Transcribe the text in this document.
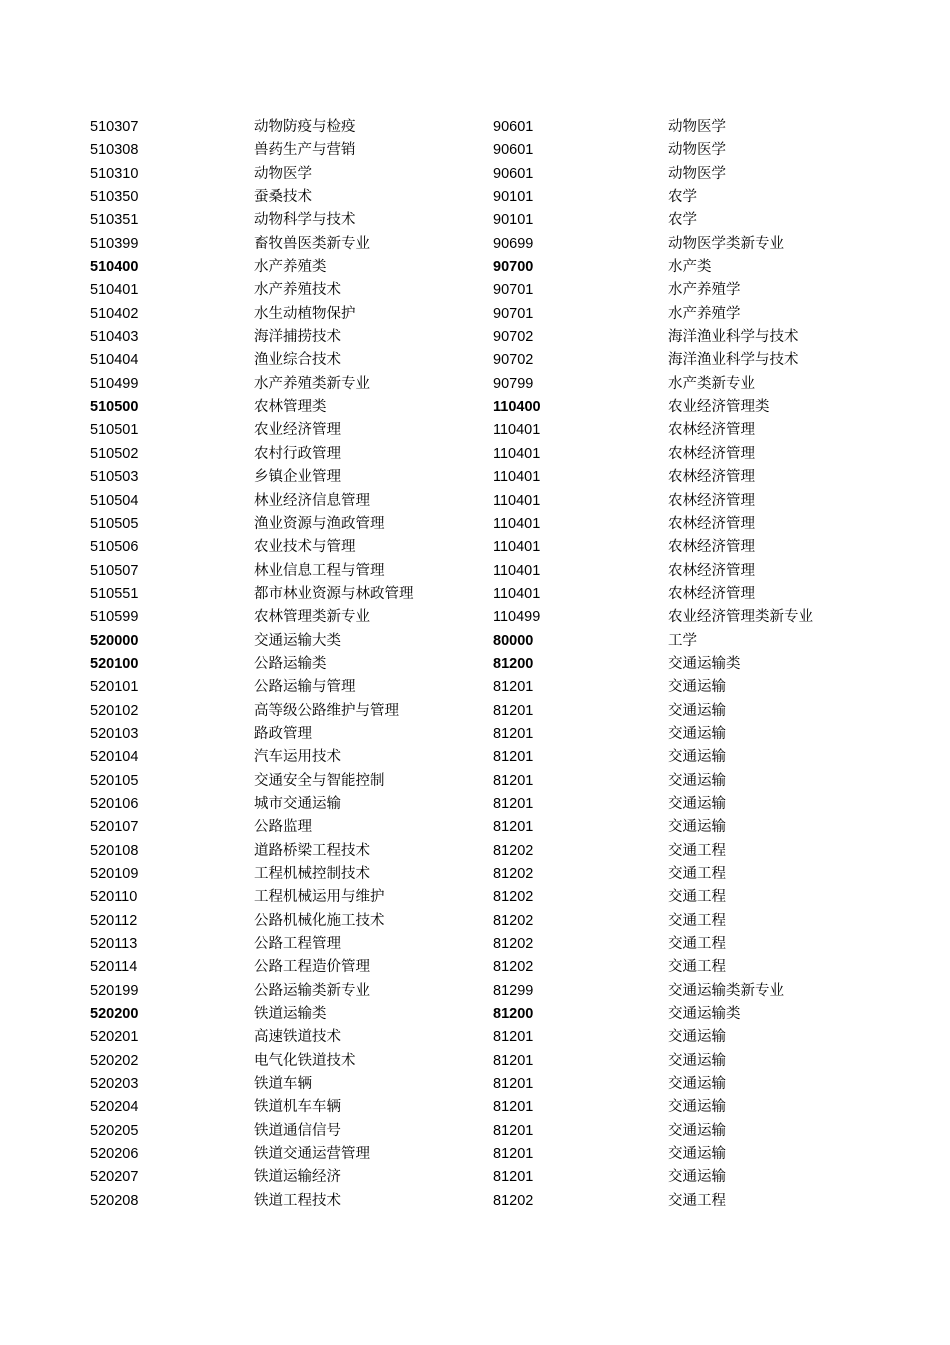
510307	动物防疫与检疫	90601	动物医学
510308	兽药生产与营销	90601	动物医学
510310	动物医学	90601	动物医学
510350	蚕桑技术	90101	农学
510351	动物科学与技术	90101	农学
510399	畜牧兽医类新专业	90699	动物医学类新专业
510400	水产养殖类	90700	水产类
510401	水产养殖技术	90701	水产养殖学
510402	水生动植物保护	90701	水产养殖学
510403	海洋捕捞技术	90702	海洋渔业科学与技术
510404	渔业综合技术	90702	海洋渔业科学与技术
510499	水产养殖类新专业	90799	水产类新专业
510500	农林管理类	110400	农业经济管理类
510501	农业经济管理	110401	农林经济管理
510502	农村行政管理	110401	农林经济管理
510503	乡镇企业管理	110401	农林经济管理
510504	林业经济信息管理	110401	农林经济管理
510505	渔业资源与渔政管理	110401	农林经济管理
510506	农业技术与管理	110401	农林经济管理
510507	林业信息工程与管理	110401	农林经济管理
510551	都市林业资源与林政管理	110401	农林经济管理
510599	农林管理类新专业	110499	农业经济管理类新专业
520000	交通运输大类	80000	工学
520100	公路运输类	81200	交通运输类
520101	公路运输与管理	81201	交通运输
520102	高等级公路维护与管理	81201	交通运输
520103	路政管理	81201	交通运输
520104	汽车运用技术	81201	交通运输
520105	交通安全与智能控制	81201	交通运输
520106	城市交通运输	81201	交通运输
520107	公路监理	81201	交通运输
520108	道路桥梁工程技术	81202	交通工程
520109	工程机械控制技术	81202	交通工程
520110	工程机械运用与维护	81202	交通工程
520112	公路机械化施工技术	81202	交通工程
520113	公路工程管理	81202	交通工程
520114	公路工程造价管理	81202	交通工程
520199	公路运输类新专业	81299	交通运输类新专业
520200	铁道运输类	81200	交通运输类
520201	高速铁道技术	81201	交通运输
520202	电气化铁道技术	81201	交通运输
520203	铁道车辆	81201	交通运输
520204	铁道机车车辆	81201	交通运输
520205	铁道通信信号	81201	交通运输
520206	铁道交通运营管理	81201	交通运输
520207	铁道运输经济	81201	交通运输
520208	铁道工程技术	81202	交通工程
